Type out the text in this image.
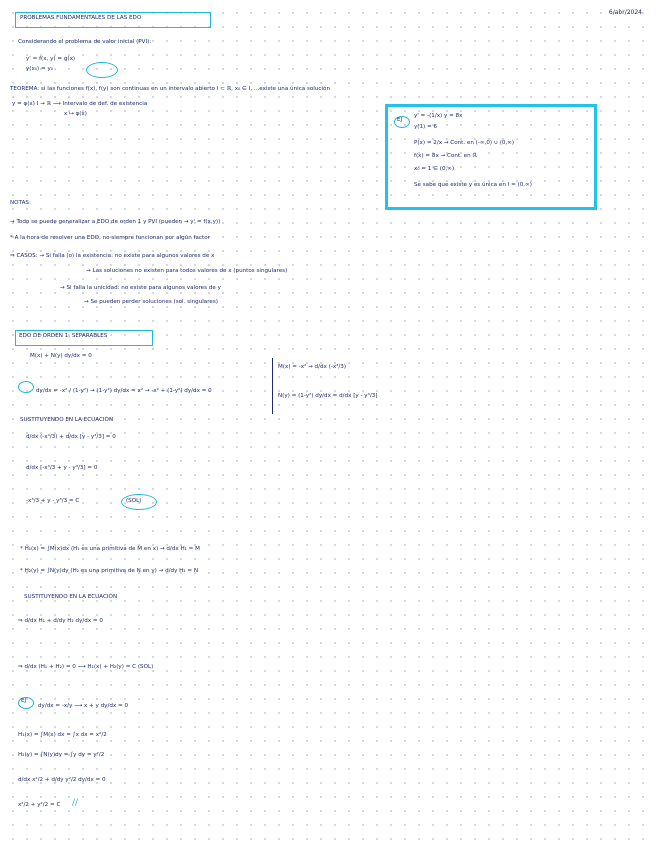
6/abr/2024
PROBLEMAS FUNDAMENTALES DE LAS EDO
Considerando el problema de valor inicial (PVI):
y' = f(x, y) = g(x)
y(x₀) = y₀
TEOREMA: si las funciones f(x), f(y) son continuas en un intervalo abierto I ⊂ ℝ, x₀ ∈ I, ...existe una única solución
y = φ(x) I → ℝ ⟶ Intervalo de def. de existencia
x ↦ φ(x)
EJ
y' = -(1/x) y = 8x
y(1) = 6
P(x) = 2/x → Cont. en (-∞,0) ∪ (0,∞)
f(x) = 8x → Cont. en ℝ
x₀ = 1 ∈ (0,∞)
Se sabe que existe y es única en I = (0,∞)
NOTAS:
→ Todo se puede generalizar a EDO de orden 1 y PVI (pueden → y' = f(x,y))
* A la hora de resolver una EDO, no siempre funcionan por algún factor
⇒ CASOS: → Si falla (o) la existencia: no existe para algunos valores de x
→ Las soluciones no existen para todos valores de x (puntos singulares)
→ Si falla la unicidad: no existe para algunos valores de y
→ Se pueden perder soluciones (sol. singulares)
EDO DE ORDEN 1, SEPARABLES
M(x) + N(y) dy/dx = 0
dy/dx = -x² / (1-y²) → (1-y²) dy/dx = x² → -x² + (1-y²) dy/dx = 0
M(x) = -x² → d/dx (-x³/3)
N(y) = (1-y²) dy/dx = d/dx [y - y³/3]
SUSTITUYENDO EN LA ECUACIÓN
d/dx (-x³/3) + d/dx [y - y³/3] = 0
d/dx [-x³/3 + y - y³/3] = 0
-x³/3 + y - y³/3 = C	(SOL)
* H₁(x) = ∫M(x)dx (H₁ es una primitiva de M en x) → d/dx H₁ = M
* H₂(y) = ∫N(y)dy (H₂ es una primitiva de N en y) → d/dy H₂ = N
SUSTITUYENDO EN LA ECUACIÓN
⇒ d/dx H₁ + d/dy H₂ dy/dx = 0
⇒ d/dx (H₁ + H₂) = 0 ⟶ H₁(x) + H₂(y) = C (SOL)
EJ
dy/dx = -x/y ⟶ x + y dy/dx = 0
H₁(x) = ∫M(x) dx = ∫x dx = x²/2
H₂(y) = ∫N(y)dy = ∫y dy = y²/2
d/dx x²/2 + d/dy y²/2 dy/dx = 0
x²/2 + y²/2 = C //
